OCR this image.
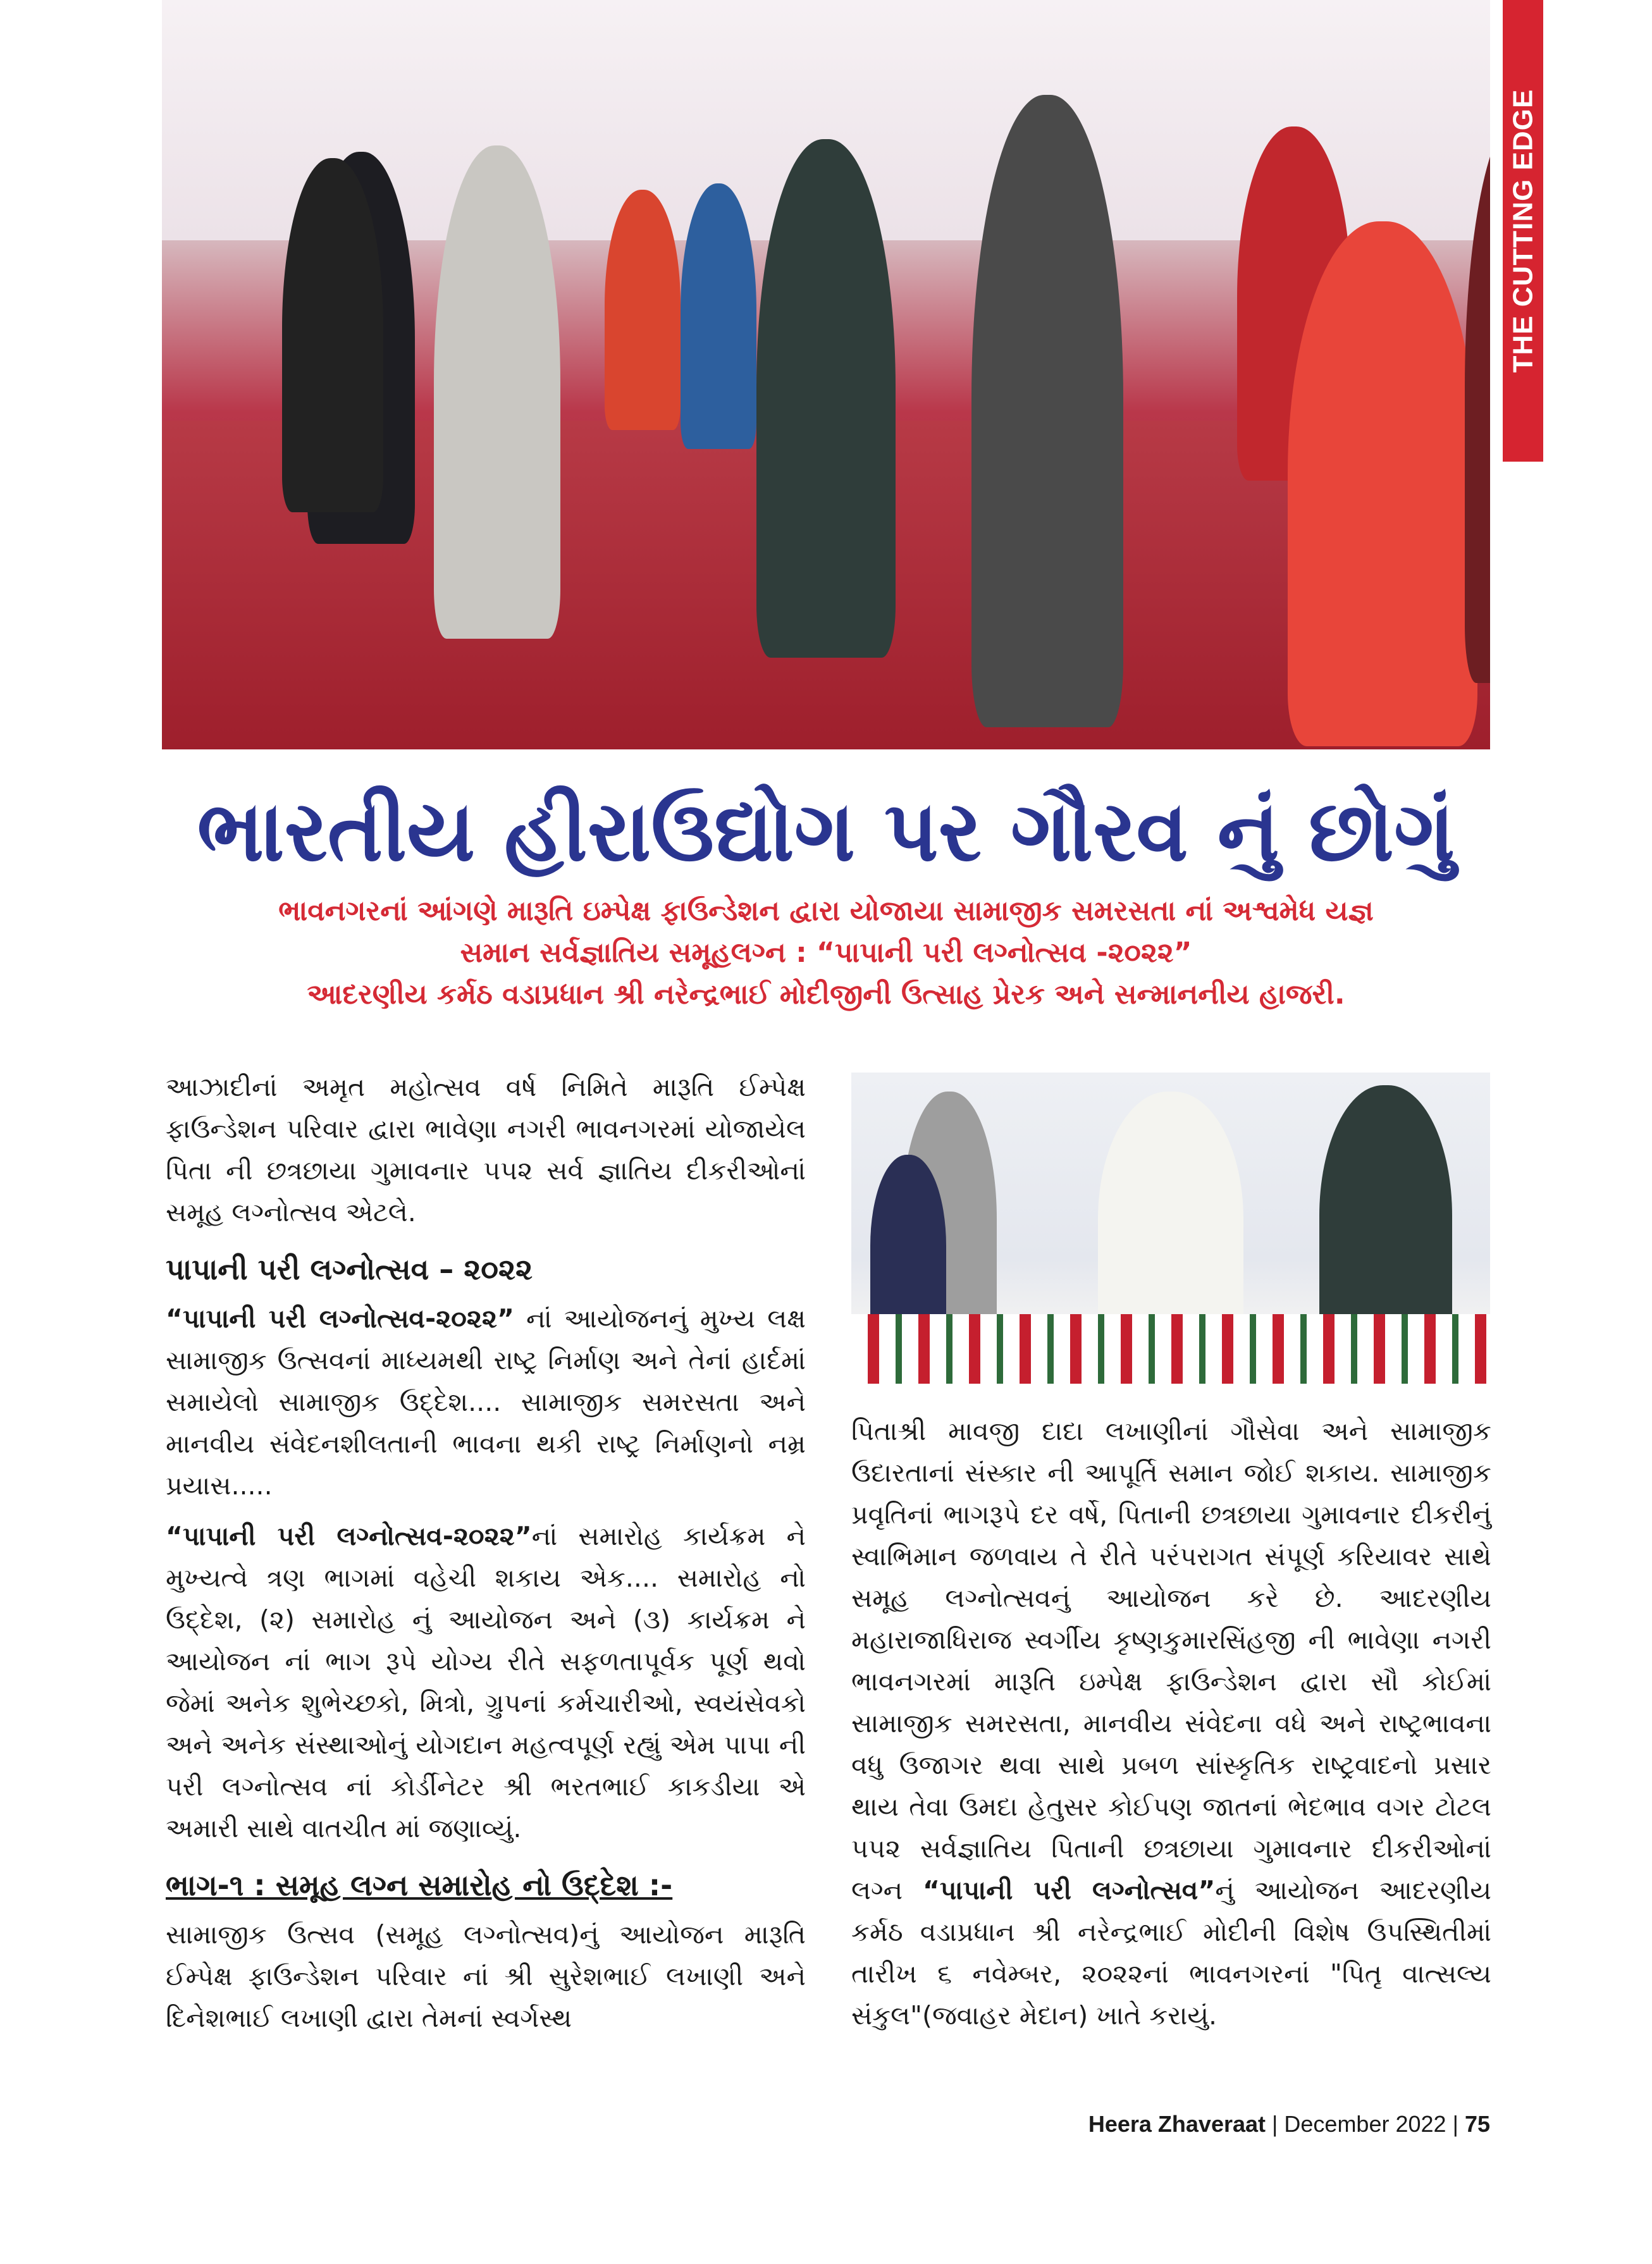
THE CUTTING EDGE
ભારતીય હીરાઉદ્યોગ પર ગૌરવ નું છોગું
ભાવનગરનાં આંગણે મારૂતિ ઇમ્પેક્ષ ફાઉન્ડેશન દ્વારા યોજાયા સામાજીક સમરસતા નાં અશ્વમેધ યજ્ઞ
સમાન સર્વજ્ઞાતિય સમૂહલગ્ન : “પાપાની પરી લગ્નોત્સવ -૨૦૨૨”
આદરણીય કર્મઠ વડાપ્રધાન શ્રી નરેન્દ્રભાઈ મોદીજીની ઉત્સાહ પ્રેરક અને સન્માનનીય હાજરી.

આઝાદીનાં અમૃત મહોત્સવ વર્ષ નિમિતે મારૂતિ ઈમ્પેક્ષ ફાઉન્ડેશન પરિવાર દ્વારા ભાવેણા નગરી ભાવનગરમાં યોજાયેલ પિતા ની છત્રછાયા ગુમાવનાર ૫૫૨ સર્વ જ્ઞાતિય દીકરીઓનાં સમૂહ લગ્નોત્સવ એટલે.

પાપાની પરી લગ્નોત્સવ – ૨૦૨૨

“પાપાની પરી લગ્નોત્સવ-૨૦૨૨” નાં આયોજનનું મુખ્ય લક્ષ સામાજીક ઉત્સવનાં માધ્યમથી રાષ્ટ્ર નિર્માણ અને તેનાં હાર્દમાં સમાયેલો સામાજીક ઉદ્દેશ.... સામાજીક સમરસતા અને માનવીય સંવેદનશીલતાની ભાવના થકી રાષ્ટ્ર નિર્માણનો નમ્ર પ્રયાસ.....

“પાપાની પરી લગ્નોત્સવ-૨૦૨૨”નાં સમારોહ કાર્યક્રમ ને મુખ્યત્વે ત્રણ ભાગમાં વહેચી શકાય એક.... સમારોહ નો ઉદ્દેશ, (૨) સમારોહ નું આયોજન અને (૩) કાર્યક્રમ ને આયોજન નાં ભાગ રૂપે યોગ્ય રીતે સફળતાપૂર્વક પૂર્ણ થવો જેમાં અનેક શુભેચ્છકો, મિત્રો, ગ્રુપનાં કર્મચારીઓ, સ્વયંસેવકો અને અનેક સંસ્થાઓનું યોગદાન મહત્વપૂર્ણ રહ્યું એમ પાપા ની પરી લગ્નોત્સવ નાં કોર્ડીનેટર શ્રી ભરતભાઈ કાકડીયા એ અમારી સાથે વાતચીત માં જણાવ્યું.

ભાગ-૧ : સમૂહ લગ્ન સમારોહ નો ઉદ્દેશ :-

સામાજીક ઉત્સવ (સમૂહ લગ્નોત્સવ)નું આયોજન મારૂતિ ઈમ્પેક્ષ ફાઉન્ડેશન પરિવાર નાં શ્રી સુરેશભાઈ લખાણી અને દિનેશભાઈ લખાણી દ્વારા તેમનાં સ્વર્ગસ્થ

પિતાશ્રી માવજી દાદા લખાણીનાં ગૌસેવા અને સામાજીક ઉદારતાનાં સંસ્કાર ની આપૂર્તિ સમાન જોઈ શકાય. સામાજીક પ્રવૃતિનાં ભાગરૂપે દર વર્ષે, પિતાની છત્રછાયા ગુમાવનાર દીકરીનું સ્વાભિમાન જળવાય તે રીતે પરંપરાગત સંપૂર્ણ કરિયાવર સાથે સમૂહ લગ્નોત્સવનું આયોજન કરે છે. આદરણીય મહારાજાધિરાજ સ્વર્ગીય કૃષ્ણકુમારસિંહજી ની ભાવેણા નગરી ભાવનગરમાં મારૂતિ ઇમ્પેક્ષ ફાઉન્ડેશન દ્વારા સૌ કોઈમાં સામાજીક સમરસતા, માનવીય સંવેદના વધે અને રાષ્ટ્રભાવના વધુ ઉજાગર થવા સાથે પ્રબળ સાંસ્કૃતિક રાષ્ટ્રવાદનો પ્રસાર થાય તેવા ઉમદા હેતુસર કોઈપણ જાતનાં ભેદભાવ વગર ટોટલ ૫૫૨ સર્વજ્ઞાતિય પિતાની છત્રછાયા ગુમાવનાર દીકરીઓનાં લગ્ન “પાપાની પરી લગ્નોત્સવ”નું આયોજન આદરણીય કર્મઠ વડાપ્રધાન શ્રી નરેન્દ્રભાઈ મોદીની વિશેષ ઉપસ્થિતીમાં તારીખ ૬ નવેમ્બર, ૨૦૨૨નાં ભાવનગરનાં "પિતૃ વાત્સલ્ય સંકુલ"(જવાહર મેદાન) ખાતે કરાયું.

Heera Zhaveraat | December 2022 | 75
